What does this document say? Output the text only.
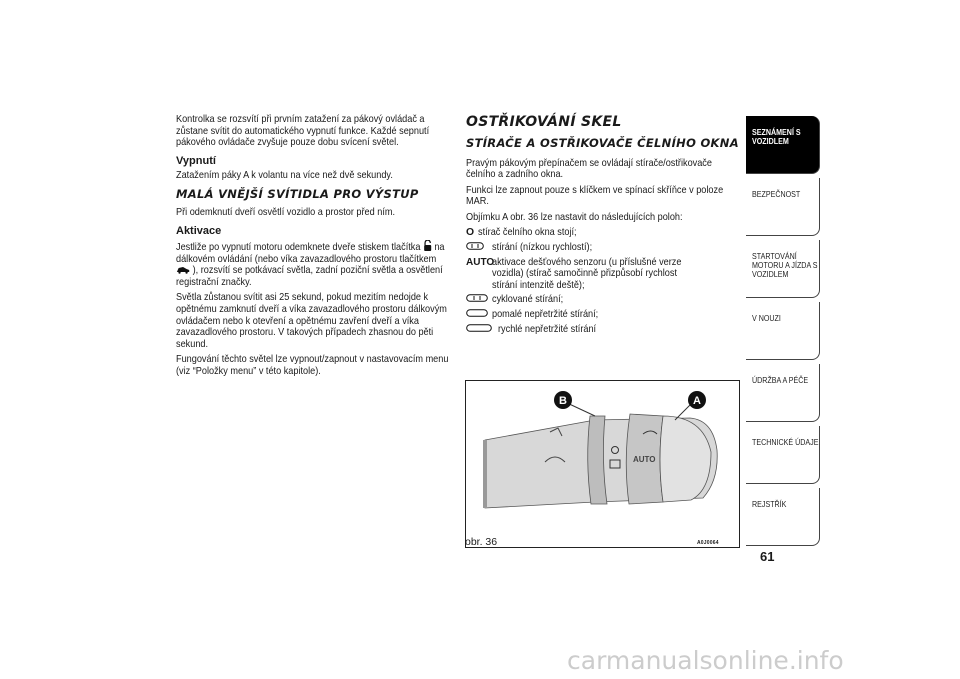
Kontrolka se rozsvítí při prvním zatažení za pákový ovládač a zůstane svítit do automatického vypnutí funkce. Každé sepnutí pákového ovládače zvyšuje pouze dobu svícení světel.

Vypnutí

Zatažením páky A k volantu na více než dvě sekundy.

MALÁ VNĚJŠÍ SVÍTIDLA PRO VÝSTUP

Při odemknutí dveří osvětlí vozidlo a prostor před ním.

Aktivace

Jestliže po vypnutí motoru odemknete dveře stiskem tlačítka na dálkovém ovládání (nebo víka zavazadlového prostoru tlačítkem  ), rozsvítí se potkávací světla, zadní poziční světla a osvětlení registrační značky.

Světla zůstanou svítit asi 25 sekund, pokud mezitím nedojde k opětnému zamknutí dveří a víka zavazadlového prostoru dálkovým ovládačem nebo k otevření a opětnému zavření dveří a víka zavazadlového prostoru. V takových případech zhasnou do pěti sekund.

Fungování těchto světel lze vypnout/zapnout v nastavovacím menu (viz “Položky menu” v této kapitole).

OSTŘIKOVÁNÍ SKEL
STÍRAČE A OSTŘIKOVAČE ČELNÍHO OKNA

Pravým pákovým přepínačem se ovládají stírače/ostřikovače čelního a zadního okna.

Funkci lze zapnout pouze s klíčkem ve spínací skříňce v poloze MAR.

Objímku A obr. 36 lze nastavit do následujících poloh:

O stírač čelního okna stojí;
stírání (nízkou rychlostí);
AUTO
aktivace dešťového senzoru (u příslušné verze vozidla) (stírač samočinně přizpůsobí rychlost stírání intenzitě deště);
cyklované stírání;
pomalé nepřetržité stírání;
rychlé nepřetržité stírání
B	A
AUTO
obr. 36	A0J0064
SEZNÁMENÍ S VOZIDLEM
BEZPEČNOST
STARTOVÁNÍ MOTORU A JÍZDA S VOZIDLEM
V NOUZI
ÚDRŽBA A PÉČE
TECHNICKÉ ÚDAJE
REJSTŘÍK
61
carmanualsonline.info
